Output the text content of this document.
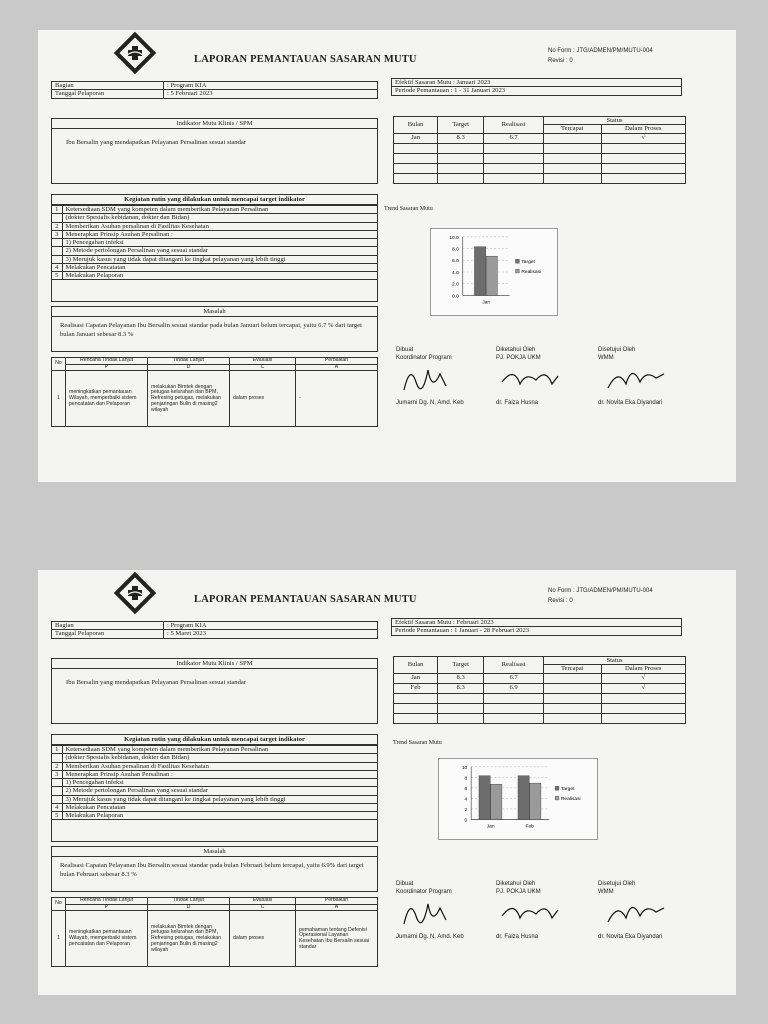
LAPORAN PEMANTAUAN SASARAN MUTU
No Form : JTG/ADMEN/PM/MUTU-004
Revisi : 0
Bagian	: Program KIA
Tanggal Pelaporan	: 5 Februari 2023
Efektif Sasaran Mutu : Januari 2023
Periode Pemantauan : 1 - 31 Januari 2023
Indikator Mutu Klinis / SPM
Ibu Bersalin yang mendapatkan Pelayanan Persalinan sesuai standar
Bulan	Target	Realisasi	Status	
			Tercapai	Dalam Proses
Jan	8.3	6.7		√

Kegiatan rutin yang dilakukan untuk mencapai target indikator
1	Ketersediaan SDM yang kompeten dalam memberikan Pelayanan Persalinan
	(dokter Spesialis kebidanan, dokter dan Bidan)
2	Memberikan Asuhan persalinan di Fasilitas Kesehatan
3	Menerapkan Prinsip Asuhan Persalinan :
	1) Pencegahan infeksi
	2) Metode pertolongan Persalinan yang sesuai standar
	3) Merujuk kasus yang tidak dapat ditangani ke tingkat pelayanan yang lebih tinggi
4	Melakukan Pencatatan
5	Melakukan Pelaporan
Masalah
Realisasi Capaian Pelayanan Ibu Bersalin sesuai standar pada bulan Januari belum tercapai, yaitu 6.7 % dari target bulan Januari sebesar 8.3 %
No	Rencana Tindak Lanjut	Tindak Lanjut	Evaluasi	Perbaikan
	P	D	C	A
1	meningkatkan pemantauan Wilayah, memperbaiki sistem pencatatan dan Pelaporan	melakukan Bimtek dengan petugas kelurahan dan BPM, Refresing petugas, melakukan penjaringan Bulin di masing2 wilayah	dalam proses	-
Trend Sasaran Mutu
10.0
8.0
6.0
4.0
2.0
0.0
Jan
Target
Realisasi
Dibuat
Koordinator Program
Jumarni Dg. N, Amd. Keb
Diketahui Oleh
PJ. POKJA UKM
dr. Faiza Husna
Disetujui Oleh
WMM
dr. Novita Eka Diyandari
LAPORAN PEMANTAUAN SASARAN MUTU
No Form : JTG/ADMEN/PM/MUTU-004
Revisi : 0
Bagian	: Program KIA
Tanggal Pelaporan	: 5 Maret 2023
Efektif Sasaran Mutu : Februari 2023
Periode Pemantauan : 1 Januari - 28 Februari 2023
Indikator Mutu Klinis / SPM
Ibu Bersalin yang mendapatkan Pelayanan Persalinan sesuai standar
Bulan	Target	Realisasi	Status	
			Tercapai	Dalam Proses
Jan	8.3	6.7		√
Feb	8.3	6.9		√

Kegiatan rutin yang dilakukan untuk mencapai target indikator
1	Ketersediaan SDM yang kompeten dalam memberikan Pelayanan Persalinan
	(dokter Spesialis kebidanan, dokter dan Bidan)
2	Memberikan Asuhan persalinan di Fasilitas Kesehatan
3	Menerapkan Prinsip Asuhan Persalinan :
	1) Pencegahan infeksi
	2) Metode pertolongan Persalinan yang sesuai standar
	3) Merujuk kasus yang tidak dapat ditangani ke tingkat pelayanan yang lebih tinggi
4	Melakukan Pencatatan
5	Melakukan Pelaporan
Masalah
Realisasi Capaian Pelayanan Ibu Bersalin sesuai standar pada bulan Februari belum tercapai, yaitu 6.9% dari target bulan Februari sebesar 8.3 %
No	Rencana Tindak Lanjut	Tindak Lanjut	Evaluasi	Perbaikan
	P	D	C	A
1	meningkatkan pemantauan Wilayah, memperbaiki sistem pencatatan dan Pelaporan	melakukan Bimtek dengan petugas kelurahan dan BPM, Refresing petugas, melakukan penjaringan Bulin di masing2 wilayah	dalam proses	pemahaman tentang Defenisi Operasional Layanan Kesehatan Ibu Bersalin sesuai standar
Trend Sasaran Mutu
10
8
6
4
2
0
Jan	Feb
Target
Realisasi
Dibuat
Koordinator Program
Jumarni Dg. N, Amd. Keb
Diketahui Oleh
PJ. POKJA UKM
dr. Faiza Husna
Disetujui Oleh
WMM
dr. Novita Eka Diyandari
